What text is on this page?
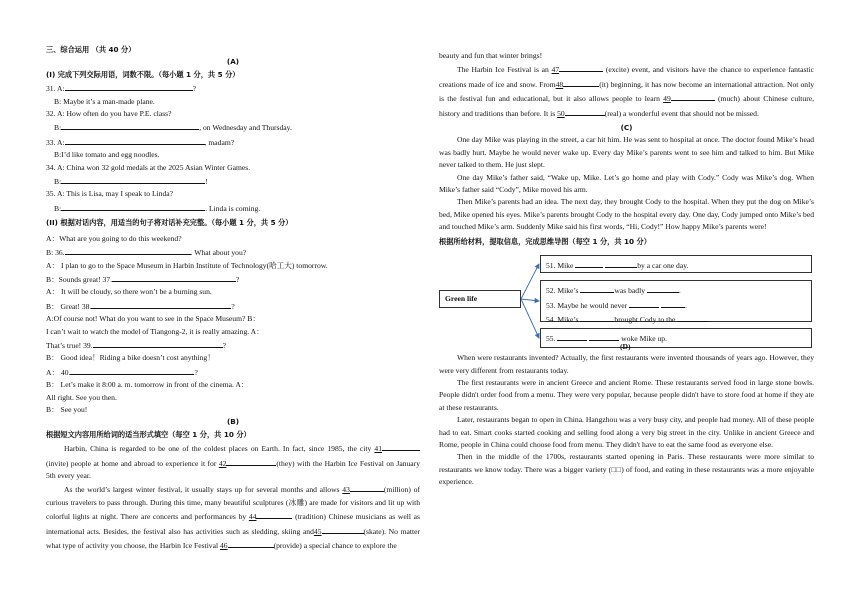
三、综合运用 （共 40 分）

(A)

(I) 完成下列交际用语，词数不限。（每小题 1 分，共 5 分）

31. A:	?

B: Maybe it’s a man-made plane.

32. A: How often do you have P.E. class?

B:	, on Wednesday and Thursday.

33. A:	, madam?

B:I’d like tomato and egg noodles.

34. A: China won 32 gold medals at the 2025 Asian Winter Games.

B:	!

35. A: This is Lisa, may I speak to Linda?

B:	. Linda is coming.

(II) 根据对话内容，用适当的句子将对话补充完整。（每小题 1 分，共 5 分）

A：What are you going to do this weekend?

B: 36.	. What about you?

A： I plan to go to the Space Museum in Harbin Institute of Technology(哈工大) tomorrow.

B：Sounds great! 37.	?

A： It will be cloudy, so there won’t be a burning sun.

B： Great! 38.	?

A:Of course not! What do you want to see in the Space Museum? B：

I can’t wait to watch the model of Tiangong-2, it is really amazing. A：

That’s true! 39.	?

B： Good idea！Riding a bike doesn’t cost anything！

A： 40.	?

B： Let’s make it 8:00 a. m. tomorrow in front of the cinema. A：

All right. See you then.

B： See you!

(B)

根据短文内容用所给词的适当形式填空（每空 1 分，共 10 分）

Harbin, China is regarded to be one of the coldest places on Earth. In fact, since 1985, the city 41 (invite) people at home and abroad to experience it for 42	(they) with the Harbin Ice Festival on January 5th every year.

As the world’s largest winter festival, it usually stays up for several months and allows 43	(million) of curious travelers to pass through. During this time, many beautiful sculptures (冰雕) are made for visitors and lit up with colorful lights at night. There are concerts and performances by 44	(tradition) Chinese musicians as well as international acts. Besides, the festival also has activities such as sledding, skiing and45	(skate). No matter what type of activity you choose, the Harbin Ice Festival 46	(provide) a special chance to explore the

beauty and fun that winter brings!

The Harbin Ice Festival is an 47	(excite) event, and visitors have the chance to experience fantastic creations made of ice and snow. From48	(it) beginning, it has now become an international attraction. Not only is the festival fun and educational, but it also allows people to learn 49	(much) about Chinese culture, history and traditions than before. It is 50	(real) a wonderful event that should not be missed.

(C)

One day Mike was playing in the street, a car hit him. He was sent to hospital at once. The doctor found Mike’s head was badly hurt. Maybe he would never wake up. Every day Mike’s parents went to see him and talked to him. But Mike never talked to them. He just slept.

One day Mike’s father said, “Wake up, Mike. Let’s go home and play with Cody.” Cody was Mike’s dog. When Mike’s father said “Cody”, Mike moved his arm.

Then Mike’s parents had an idea. The next day, they brought Cody to the hospital. When they put the dog on Mike’s bed, Mike opened his eyes. Mike’s parents brought Cody to the hospital every day. One day, Cody jumped onto Mike’s bed and touched Mike’s arm. Suddenly Mike said his first words, “Hi, Cody!” How happy Mike’s parents were!

根据所给材料，提取信息，完成思维导图（每空 1 分，共 10 分）

Green life
51. Mike	by a car one day.
52. Mike’s	was badly	.
53. Maybe he would never	.
54. Mike’s	brought Cody to the	.
55.	woke Mike up.
(D)

When were restaurants invented? Actually, the first restaurants were invented thousands of years ago. However, they were very different from restaurants today.

The first restaurants were in ancient Greece and ancient Rome. These restaurants served food in large stone bowls. People didn't order food from a menu. They were very popular, because people didn't have to store food at home if they ate at these restaurants.

Later, restaurants began to open in China. Hangzhou was a very busy city, and people had money. All of these people had to eat. Smart cooks started cooking and selling food along a very big street in the city. Unlike in ancient Greece and Rome, people in China could choose food from menu. They didn't have to eat the same food as everyone else.

Then in the middle of the 1700s, restaurants started opening in Paris. These restaurants were more similar to restaurants we know today. There was a bigger variety (□□) of food, and eating in these restaurants was a more enjoyable experience.
